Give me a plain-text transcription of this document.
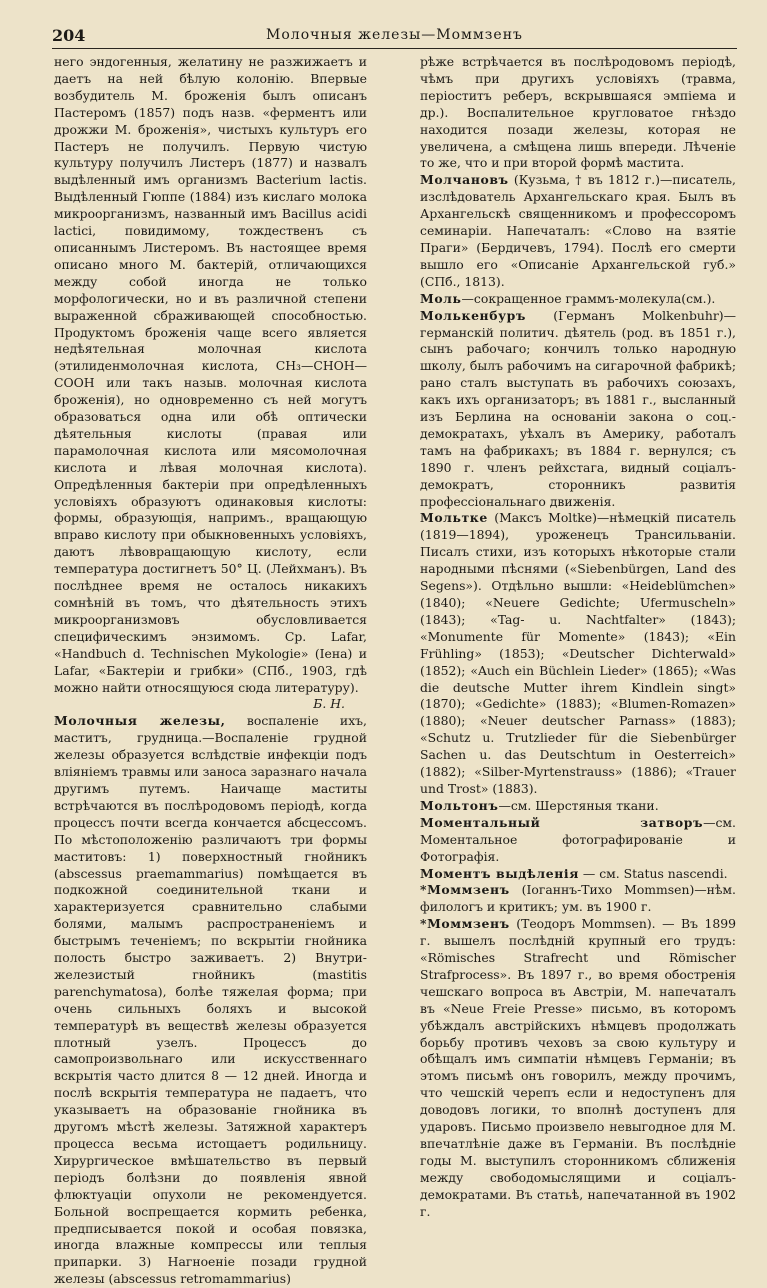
204	Молочныя железы—Моммзенъ

него эндогенныя, желатину не разжижаетъ и даетъ на ней бѣлую колонію. Впервые возбудитель М. броженія былъ описанъ Пастеромъ (1857) подъ назв. «ферментъ или дрожжи М. броженія», чистыхъ культуръ его Пастеръ не получилъ. Первую чистую культуру получилъ Листеръ (1877) и назвалъ выдѣленный имъ организмъ Bacterium lactis. Выдѣленный Гюппе (1884) изъ кислаго молока микроорганизмъ, названный имъ Bacillus acidi lactici, повидимому, тождественъ съ описаннымъ Листеромъ. Въ настоящее время описано много М. бактерій, отличающихся между собой иногда не только морфологически, но и въ различной степени выраженной сбраживающей способностью. Продуктомъ броженія чаще всего является недѣятельная молочная кислота (этилиденмолочная кислота, CH₃—CHOH—COOH или такъ назыв. молочная кислота броженія), но одновременно съ ней могутъ образоваться одна или обѣ оптически дѣятельныя кислоты (правая или парамолочная кислота или мясомолочная кислота и лѣвая молочная кислота). Опредѣленныя бактеріи при опредѣленныхъ условіяхъ образуютъ одинаковыя кислоты: формы, образующія, напримъ., вращающую вправо кислоту при обыкновенныхъ условіяхъ, даютъ лѣвовращающую кислоту, если температура достигнетъ 50° Ц. (Лейхманъ). Въ послѣднее время не осталось никакихъ сомнѣній въ томъ, что дѣятельность этихъ микроорганизмовъ обусловливается специфическимъ энзимомъ. Ср. Lafar, «Handbuch d. Technischen Mykologie» (Іена) и Lafar, «Бактеріи и грибки» (СПб., 1903, гдѣ можно найти относящуюся сюда литературу).

Б. Н.

Молочныя железы, воспаленіе ихъ, маститъ, грудница.—Воспаленіе грудной железы образуется вслѣдствіе инфекціи подъ вліяніемъ травмы или заноса заразнаго начала другимъ путемъ. Наичаще маститы встрѣчаются въ послѣродовомъ періодѣ, когда процессъ почти всегда кончается абсцессомъ. По мѣстоположенію различаютъ три формы маститовъ: 1) поверхностный гнойникъ (abscessus praemammarius) помѣщается въ подкожной соединительной ткани и характеризуется сравнительно слабыми болями, малымъ распространеніемъ и быстрымъ теченіемъ; по вскрытіи гнойника полость быстро заживаетъ. 2) Внутри-железистый гнойникъ (mastitis parenchymatosa), болѣе тяжелая форма; при очень сильныхъ боляхъ и высокой температурѣ въ веществѣ железы образуется плотный узелъ. Процессъ до самопроизвольнаго или искусственнаго вскрытія часто длится 8 — 12 дней. Иногда и послѣ вскрытія температура не падаетъ, что указываетъ на образованіе гнойника въ другомъ мѣстѣ железы. Затяжной характеръ процесса весьма истощаетъ родильницу. Хирургическое вмѣшательство въ первый періодъ болѣзни до появленія явной флюктуаціи опухоли не рекомендуется. Больной воспрещается кормить ребенка, предписывается покой и особая повязка, иногда влажные компрессы или теплыя припарки. 3) Нагноеніе позади грудной железы (abscessus retromammarius)

рѣже встрѣчается въ послѣродовомъ періодѣ, чѣмъ при другихъ условіяхъ (травма, періоститъ реберъ, вскрывшаяся эмпіема и др.). Воспалительное кругловатое гнѣздо находится позади железы, которая не увеличена, а смѣщена лишь впереди. Лѣченіе то же, что и при второй формѣ мастита.

Молчановъ (Кузьма, † въ 1812 г.)—писатель, изслѣдователь Архангельскаго края. Былъ въ Архангельскѣ священникомъ и профессоромъ семинаріи. Напечаталъ: «Слово на взятіе Праги» (Бердичевъ, 1794). Послѣ его смерти вышло его «Описаніе Архангельской губ.» (СПб., 1813).

Моль—сокращенное граммъ-молекула(см.).

Молькенбуръ (Германъ Molkenbuhr)—германскій политич. дѣятель (род. въ 1851 г.), сынъ рабочаго; кончилъ только народную школу, былъ рабочимъ на сигарочной фабрикѣ; рано сталъ выступать въ рабочихъ союзахъ, какъ ихъ организаторъ; въ 1881 г., высланный изъ Берлина на основаніи закона о соц.-демократахъ, уѣхалъ въ Америку, работалъ тамъ на фабрикахъ; въ 1884 г. вернулся; съ 1890 г. членъ рейхстага, видный соціалъ-демократъ, сторонникъ развитія профессіональнаго движенія.

Мольтке (Максъ Moltke)—нѣмецкій писатель (1819—1894), уроженецъ Трансильваніи. Писалъ стихи, изъ которыхъ нѣкоторые стали народными пѣснями («Siebenbürgen, Land des Segens»). Отдѣльно вышли: «Heideblümchen» (1840); «Neuere Gedichte; Ufermuscheln» (1843); «Tag- u. Nachtfalter» (1843); «Monumente für Momente» (1843); «Ein Frühling» (1853); «Deutscher Dichterwald» (1852); «Auch ein Büchlein Lieder» (1865); «Was die deutsche Mutter ihrem Kindlein singt» (1870); «Gedichte» (1883); «Blumen-Romazen» (1880); «Neuer deutscher Parnass» (1883); «Schutz u. Trutzlieder für die Siebenbürger Sachen u. das Deutschtum in Oesterreich» (1882); «Silber-Myrtenstrauss» (1886); «Trauer und Trost» (1883).

Мольтонъ—см. Шерстяныя ткани.

Моментальный затворъ—см. Моментальное фотографированіе и Фотографія.

Моментъ выдѣленія — см. Status nascendi.

*Моммзенъ (Іоганнъ-Тихо Mommsen)—нѣм. филологъ и критикъ; ум. въ 1900 г.

*Моммзенъ (Теодоръ Mommsen). — Въ 1899 г. вышелъ послѣдній крупный его трудъ: «Römisches Strafrecht und Römischer Strafprocess». Въ 1897 г., во время обостренія чешскаго вопроса въ Австріи, М. напечаталъ въ «Neue Freie Presse» письмо, въ которомъ убѣждалъ австрійскихъ нѣмцевъ продолжать борьбу противъ чеховъ за свою культуру и обѣщалъ имъ симпатіи нѣмцевъ Германіи; въ этомъ письмѣ онъ говорилъ, между прочимъ, что чешскій черепъ если и недоступенъ для доводовъ логики, то вполнѣ доступенъ для ударовъ. Письмо произвело невыгодное для М. впечатлѣніе даже въ Германіи. Въ послѣдніе годы М. выступилъ сторонникомъ сближенія между свободомыслящими и соціалъ-демократами. Въ статьѣ, напечатанной въ 1902 г.
